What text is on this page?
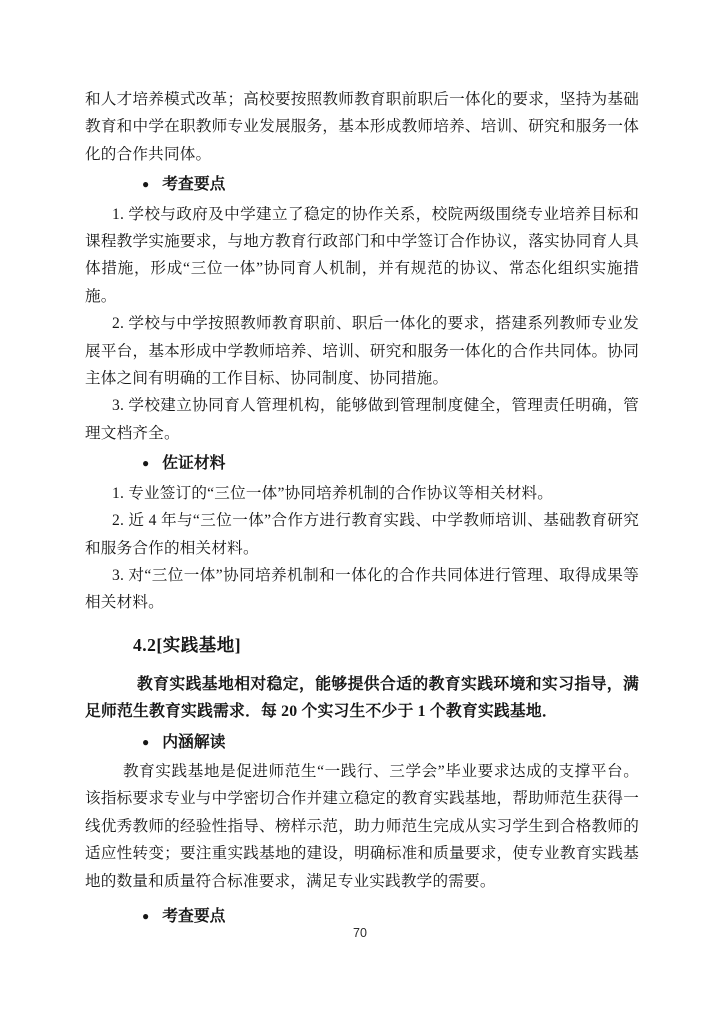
和人才培养模式改革；高校要按照教师教育职前职后一体化的要求，坚持为基础教育和中学在职教师专业发展服务，基本形成教师培养、培训、研究和服务一体化的合作共同体。

● 考查要点

1. 学校与政府及中学建立了稳定的协作关系，校院两级围绕专业培养目标和课程教学实施要求，与地方教育行政部门和中学签订合作协议，落实协同育人具体措施，形成“三位一体”协同育人机制，并有规范的协议、常态化组织实施措施。

2. 学校与中学按照教师教育职前、职后一体化的要求，搭建系列教师专业发展平台，基本形成中学教师培养、培训、研究和服务一体化的合作共同体。协同主体之间有明确的工作目标、协同制度、协同措施。

3. 学校建立协同育人管理机构，能够做到管理制度健全，管理责任明确，管理文档齐全。

● 佐证材料

1. 专业签订的“三位一体”协同培养机制的合作协议等相关材料。

2. 近 4 年与“三位一体”合作方进行教育实践、中学教师培训、基础教育研究和服务合作的相关材料。

3. 对“三位一体”协同培养机制和一体化的合作共同体进行管理、取得成果等相关材料。

4.2[实践基地]

教育实践基地相对稳定，能够提供合适的教育实践环境和实习指导，满足师范生教育实践需求．每 20 个实习生不少于 1 个教育实践基地．

● 内涵解读

教育实践基地是促进师范生“一践行、三学会”毕业要求达成的支撑平台。该指标要求专业与中学密切合作并建立稳定的教育实践基地，帮助师范生获得一线优秀教师的经验性指导、榜样示范，助力师范生完成从实习学生到合格教师的适应性转变；要注重实践基地的建设，明确标准和质量要求，使专业教育实践基地的数量和质量符合标准要求，满足专业实践教学的需要。

● 考查要点

70
